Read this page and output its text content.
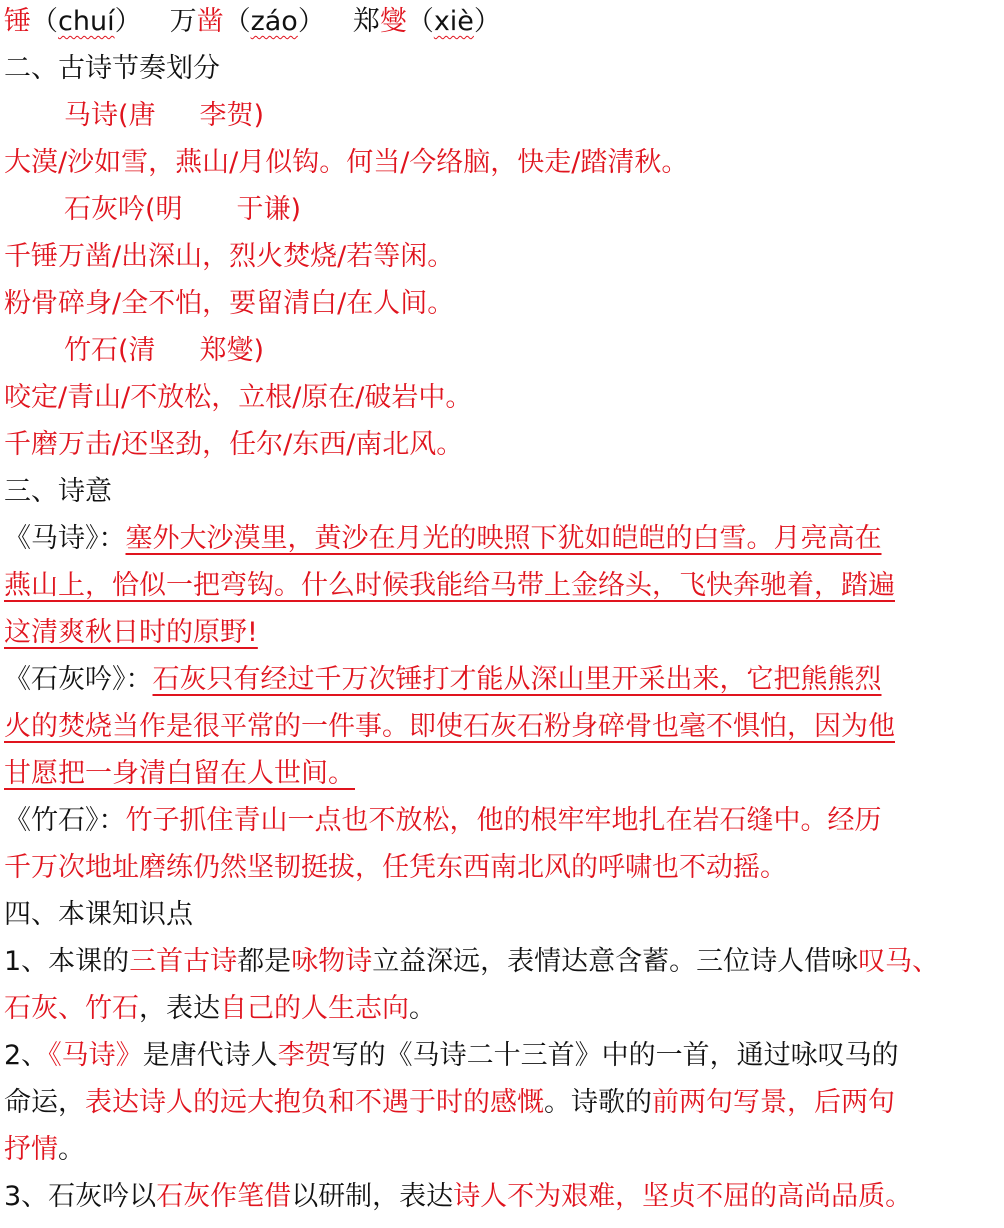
锤（chuí） 万凿（záo） 郑燮（xiè）
二、古诗节奏划分
马诗(唐 李贺)
大漠/沙如雪，燕山/月似钩。何当/今络脑，快走/踏清秋。
石灰吟(明 于谦)
千锤万凿/出深山，烈火焚烧/若等闲。
粉骨碎身/全不怕，要留清白/在人间。
竹石(清 郑燮)
咬定/青山/不放松，立根/原在/破岩中。
千磨万击/还坚劲，任尔/东西/南北风。
三、诗意
《马诗》：塞外大沙漠里，黄沙在月光的映照下犹如皑皑的白雪。月亮高在
燕山上，恰似一把弯钩。什么时候我能给马带上金络头，飞快奔驰着，踏遍
这清爽秋日时的原野!
《石灰吟》：石灰只有经过千万次锤打才能从深山里开采出来，它把熊熊烈
火的焚烧当作是很平常的一件事。即使石灰石粉身碎骨也毫不惧怕，因为他
甘愿把一身清白留在人世间。
《竹石》：竹子抓住青山一点也不放松，他的根牢牢地扎在岩石缝中。经历
千万次地址磨练仍然坚韧挺拔，任凭东西南北风的呼啸也不动摇。
四、本课知识点
1、本课的三首古诗都是咏物诗立益深远，表情达意含蓄。三位诗人借咏叹马、
石灰、竹石，表达自己的人生志向。
2、《马诗》是唐代诗人李贺写的《马诗二十三首》中的一首，通过咏叹马的
命运，表达诗人的远大抱负和不遇于时的感慨。诗歌的前两句写景，后两句
抒情。
3、石灰吟以石灰作笔借以研制，表达诗人不为艰难，坚贞不屈的高尚品质。
